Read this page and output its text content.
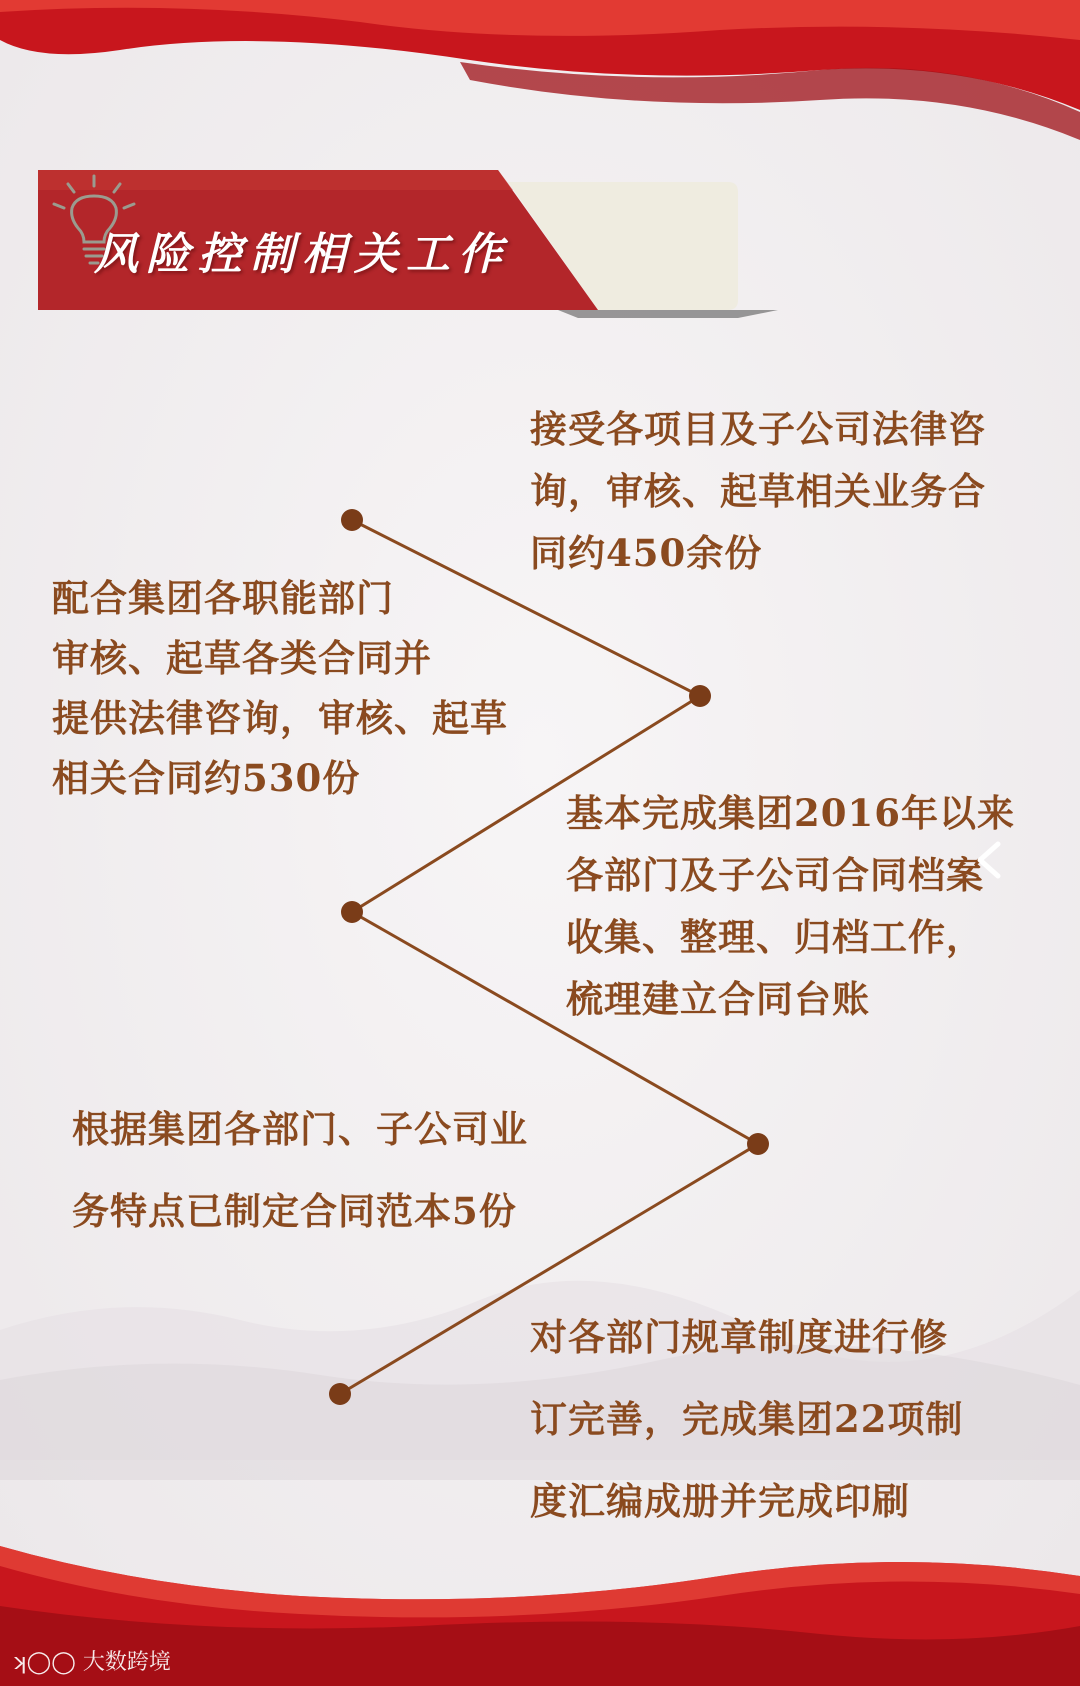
风险控制相关工作
接受各项目及子公司法律咨
询，审核、起草相关业务合
同约450余份
配合集团各职能部门
审核、起草各类合同并
提供法律咨询，审核、起草
相关合同约530份
基本完成集团2016年以来
各部门及子公司合同档案
收集、整理、归档工作，
梳理建立合同台账
根据集团各部门、子公司业
务特点已制定合同范本5份
对各部门规章制度进行修
订完善，完成集团22项制
度汇编成册并完成印刷
ʞ◯◯ 大数跨境
